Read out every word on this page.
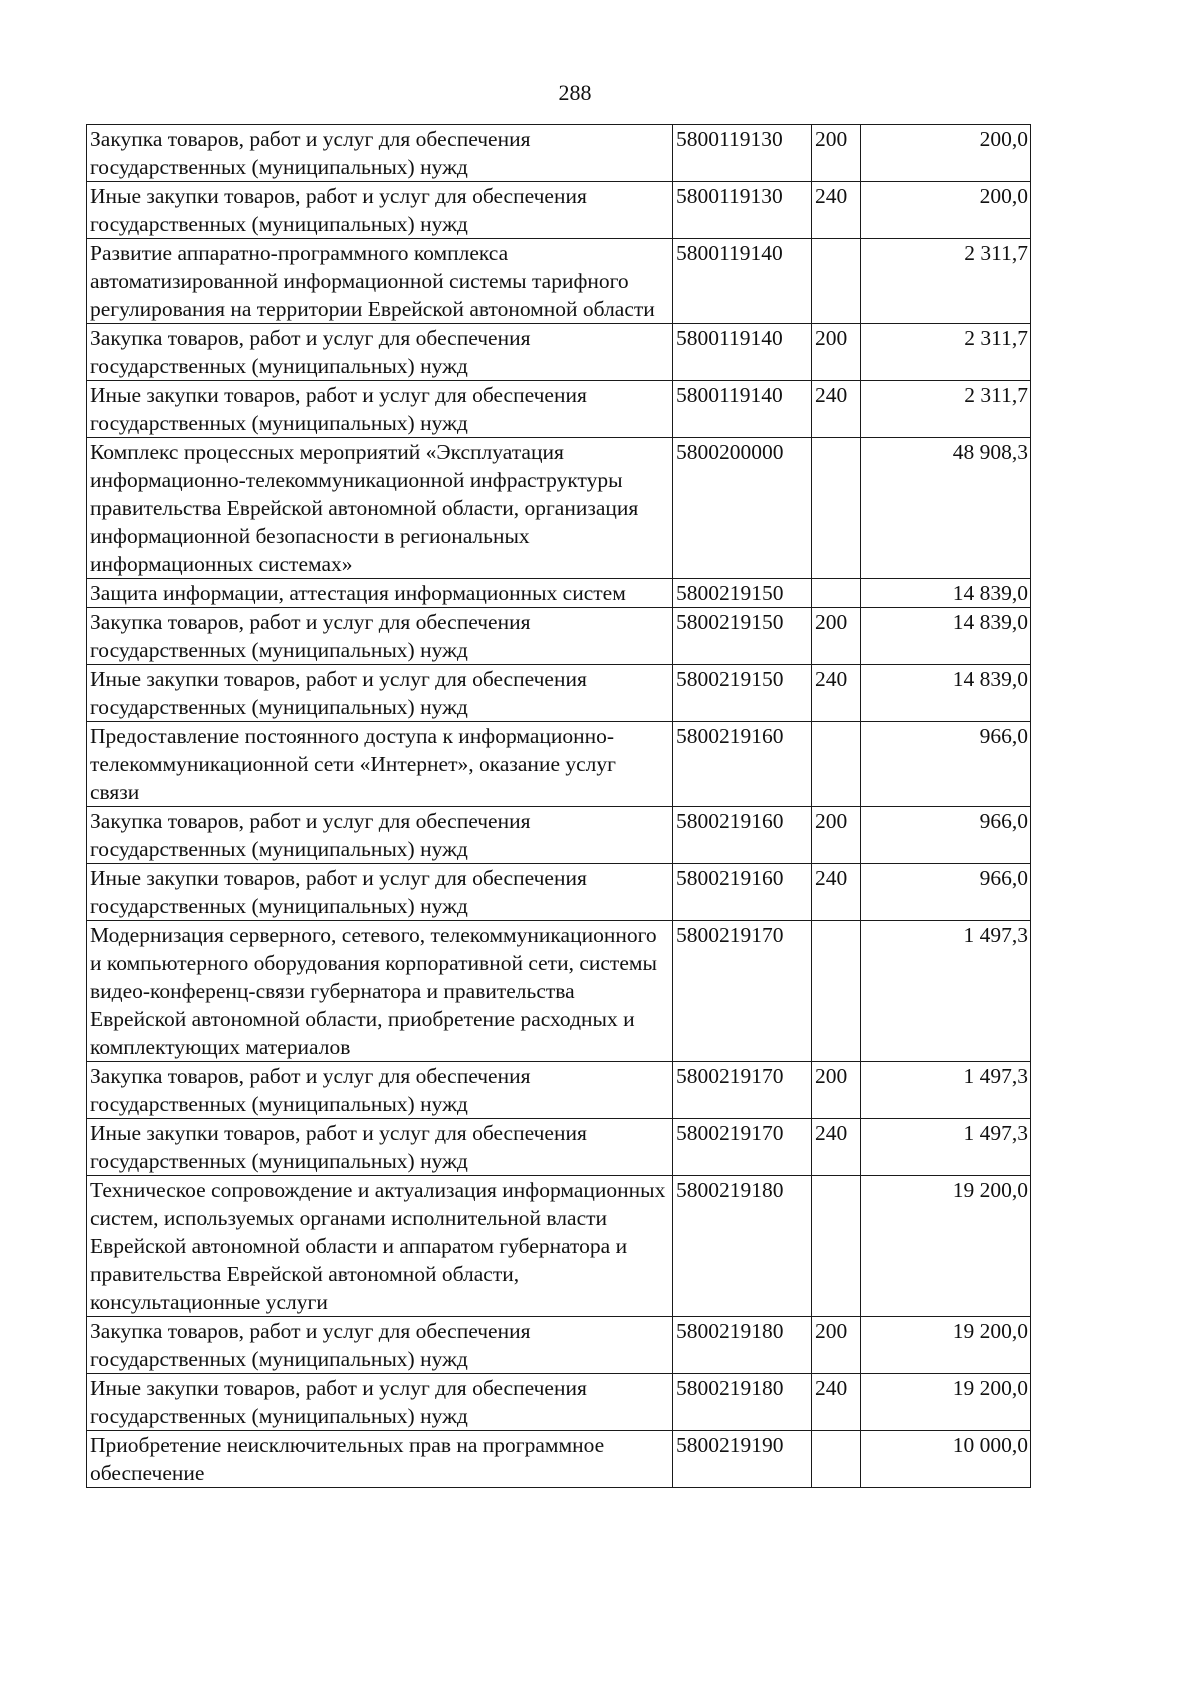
288
Закупка товаров, работ и услуг для обеспечения государственных (муниципальных) нужд	5800119130	200	200,0
Иные закупки товаров, работ и услуг для обеспечения государственных (муниципальных) нужд	5800119130	240	200,0
Развитие аппаратно-программного комплекса автоматизированной информационной системы тарифного регулирования на территории Еврейской автономной области	5800119140		2 311,7
Закупка товаров, работ и услуг для обеспечения государственных (муниципальных) нужд	5800119140	200	2 311,7
Иные закупки товаров, работ и услуг для обеспечения государственных (муниципальных) нужд	5800119140	240	2 311,7
Комплекс процессных мероприятий «Эксплуатация информационно-телекоммуникационной инфраструктуры правительства Еврейской автономной области, организация информационной безопасности в региональных информационных системах»	5800200000		48 908,3
Защита информации, аттестация информационных систем	5800219150		14 839,0
Закупка товаров, работ и услуг для обеспечения государственных (муниципальных) нужд	5800219150	200	14 839,0
Иные закупки товаров, работ и услуг для обеспечения государственных (муниципальных) нужд	5800219150	240	14 839,0
Предоставление постоянного доступа к информационно-телекоммуникационной сети «Интернет», оказание услуг связи	5800219160		966,0
Закупка товаров, работ и услуг для обеспечения государственных (муниципальных) нужд	5800219160	200	966,0
Иные закупки товаров, работ и услуг для обеспечения государственных (муниципальных) нужд	5800219160	240	966,0
Модернизация серверного, сетевого, телекоммуникационного и компьютерного оборудования корпоративной сети, системы видео-конференц-связи губернатора и правительства Еврейской автономной области, приобретение расходных и комплектующих материалов	5800219170		1 497,3
Закупка товаров, работ и услуг для обеспечения государственных (муниципальных) нужд	5800219170	200	1 497,3
Иные закупки товаров, работ и услуг для обеспечения государственных (муниципальных) нужд	5800219170	240	1 497,3
Техническое сопровождение и актуализация информационных систем, используемых органами исполнительной власти Еврейской автономной области и аппаратом губернатора и правительства Еврейской автономной области, консультационные услуги	5800219180		19 200,0
Закупка товаров, работ и услуг для обеспечения государственных (муниципальных) нужд	5800219180	200	19 200,0
Иные закупки товаров, работ и услуг для обеспечения государственных (муниципальных) нужд	5800219180	240	19 200,0
Приобретение неисключительных прав на программное обеспечение	5800219190		10 000,0
